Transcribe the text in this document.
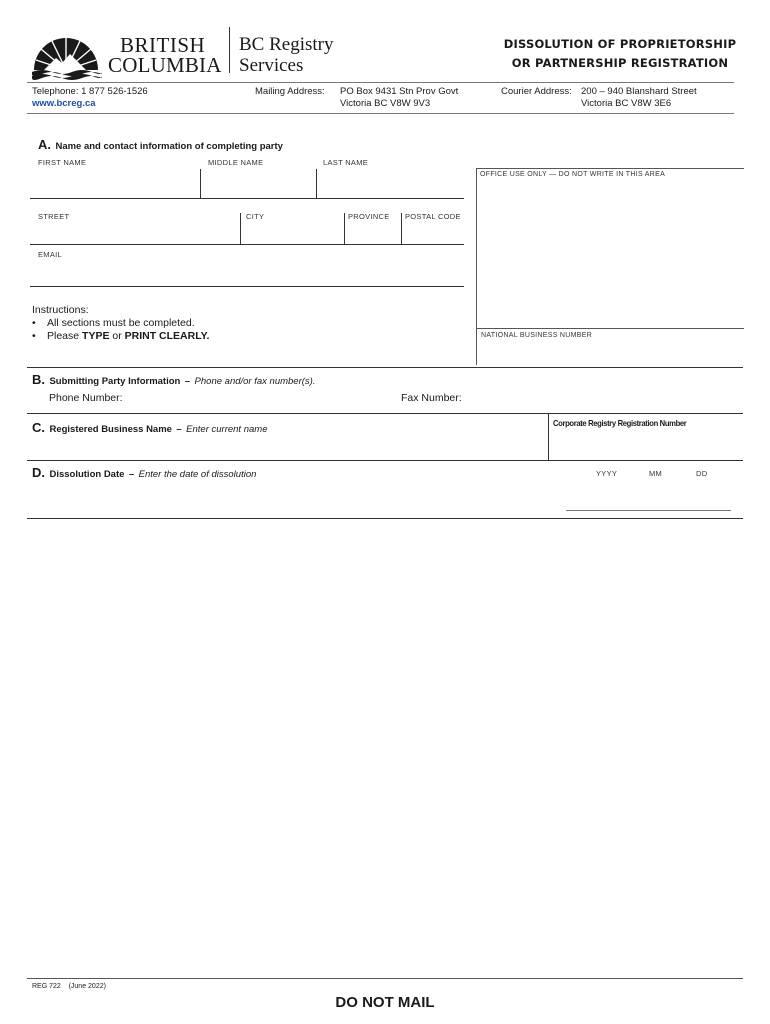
BRITISH
COLUMBIA
BC Registry
Services
DISSOLUTION OF PROPRIETORSHIP
OR PARTNERSHIP REGISTRATION
Telephone: 1 877 526-1526
www.bcreg.ca
Mailing Address: PO Box 9431 Stn Prov Govt
Victoria BC V8W 9V3
Courier Address: 200 – 940 Blanshard Street
Victoria BC V8W 3E6
A. Name and contact information of completing party
FIRST NAME	MIDDLE NAME	LAST NAME
STREET	CITY	PROVINCE POSTAL CODE
EMAIL
OFFICE USE ONLY — DO NOT WRITE IN THIS AREA
NATIONAL BUSINESS NUMBER
Instructions:
• All sections must be completed.
• Please TYPE or PRINT CLEARLY.
B. Submitting Party Information – Phone and/or fax number(s).
Phone Number:	Fax Number:
C. Registered Business Name – Enter current name
Corporate Registry Registration Number
D. Dissolution Date – Enter the date of dissolution	YYYY	MM	DD
REG 722    (June 2022)
DO NOT MAIL
